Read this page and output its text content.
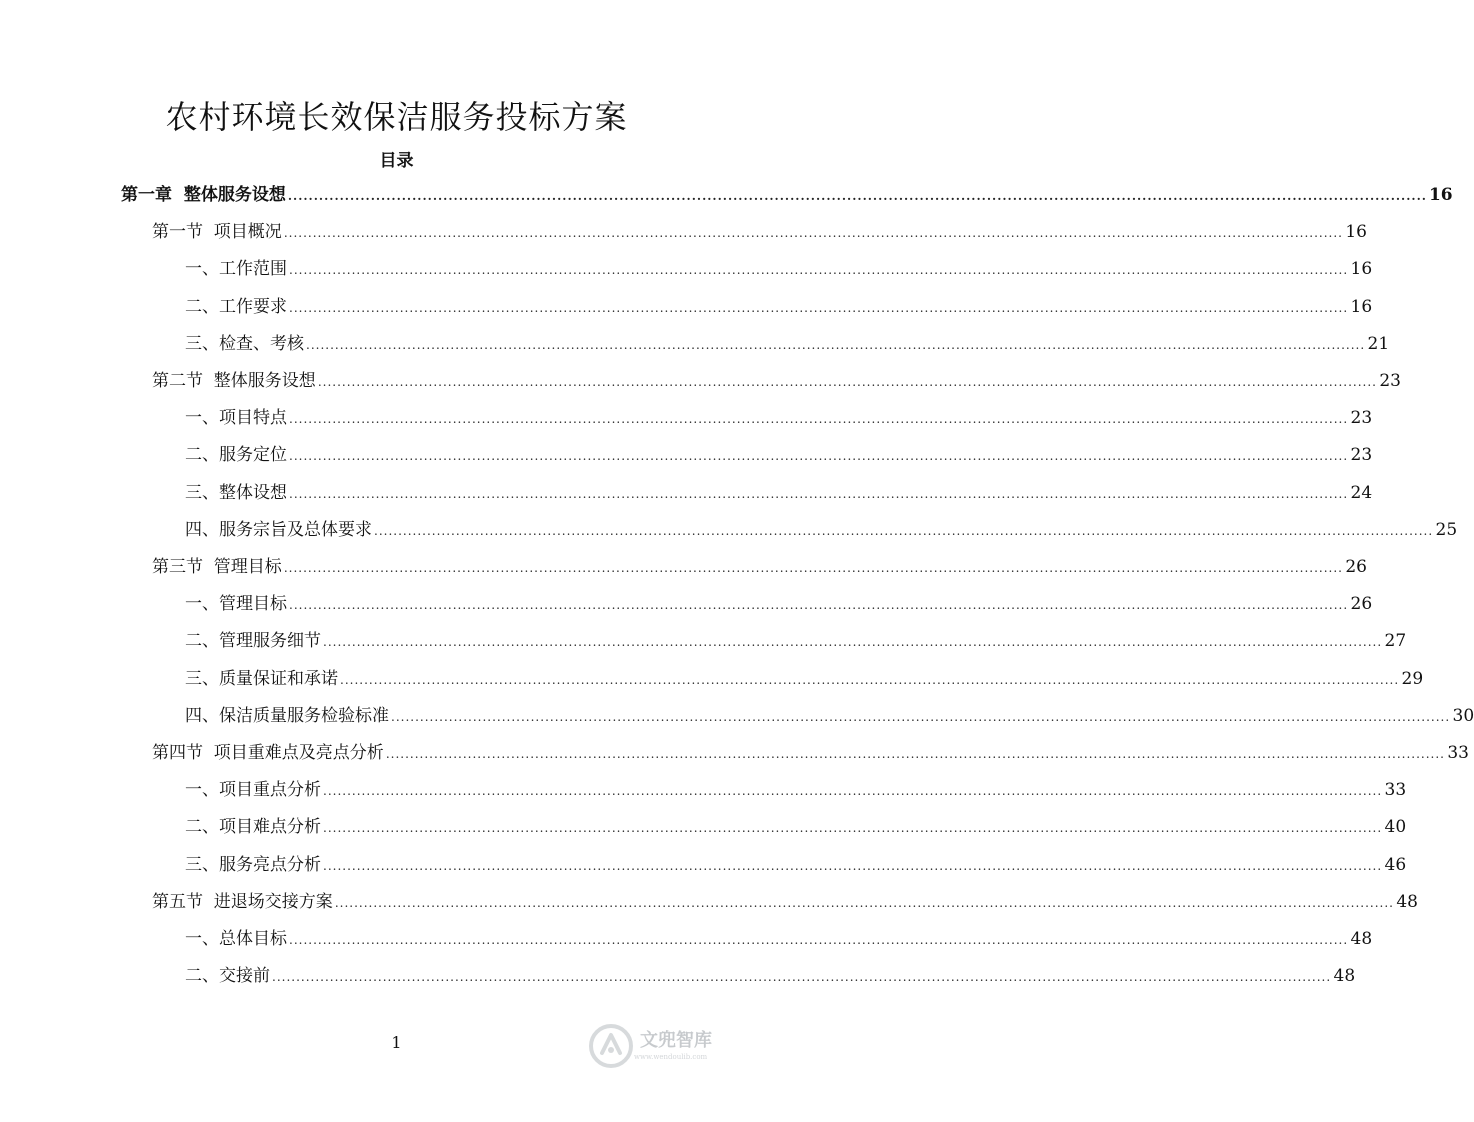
农村环境长效保洁服务投标方案
目录
第一章  整体服务设想 ............................................................................................................................................................................................................................ 16
第一节  项目概况 ............................................................................................................................................................................................................................ 16
一、工作范围 ............................................................................................................................................................................................................................ 16
二、工作要求 ............................................................................................................................................................................................................................ 16
三、检查、考核 ............................................................................................................................................................................................................................ 21
第二节  整体服务设想 ............................................................................................................................................................................................................................ 23
一、项目特点 ............................................................................................................................................................................................................................ 23
二、服务定位 ............................................................................................................................................................................................................................ 23
三、整体设想 ............................................................................................................................................................................................................................ 24
四、服务宗旨及总体要求 ............................................................................................................................................................................................................................ 25
第三节  管理目标 ............................................................................................................................................................................................................................ 26
一、管理目标 ............................................................................................................................................................................................................................ 26
二、管理服务细节 ............................................................................................................................................................................................................................ 27
三、质量保证和承诺 ............................................................................................................................................................................................................................ 29
四、保洁质量服务检验标准 ............................................................................................................................................................................................................................ 30
第四节  项目重难点及亮点分析 ............................................................................................................................................................................................................................ 33
一、项目重点分析 ............................................................................................................................................................................................................................ 33
二、项目难点分析 ............................................................................................................................................................................................................................ 40
三、服务亮点分析 ............................................................................................................................................................................................................................ 46
第五节  进退场交接方案 ............................................................................................................................................................................................................................ 48
一、总体目标 ............................................................................................................................................................................................................................ 48
二、交接前 ............................................................................................................................................................................................................................ 48
1	文兜智库
www.wendoulib.com
